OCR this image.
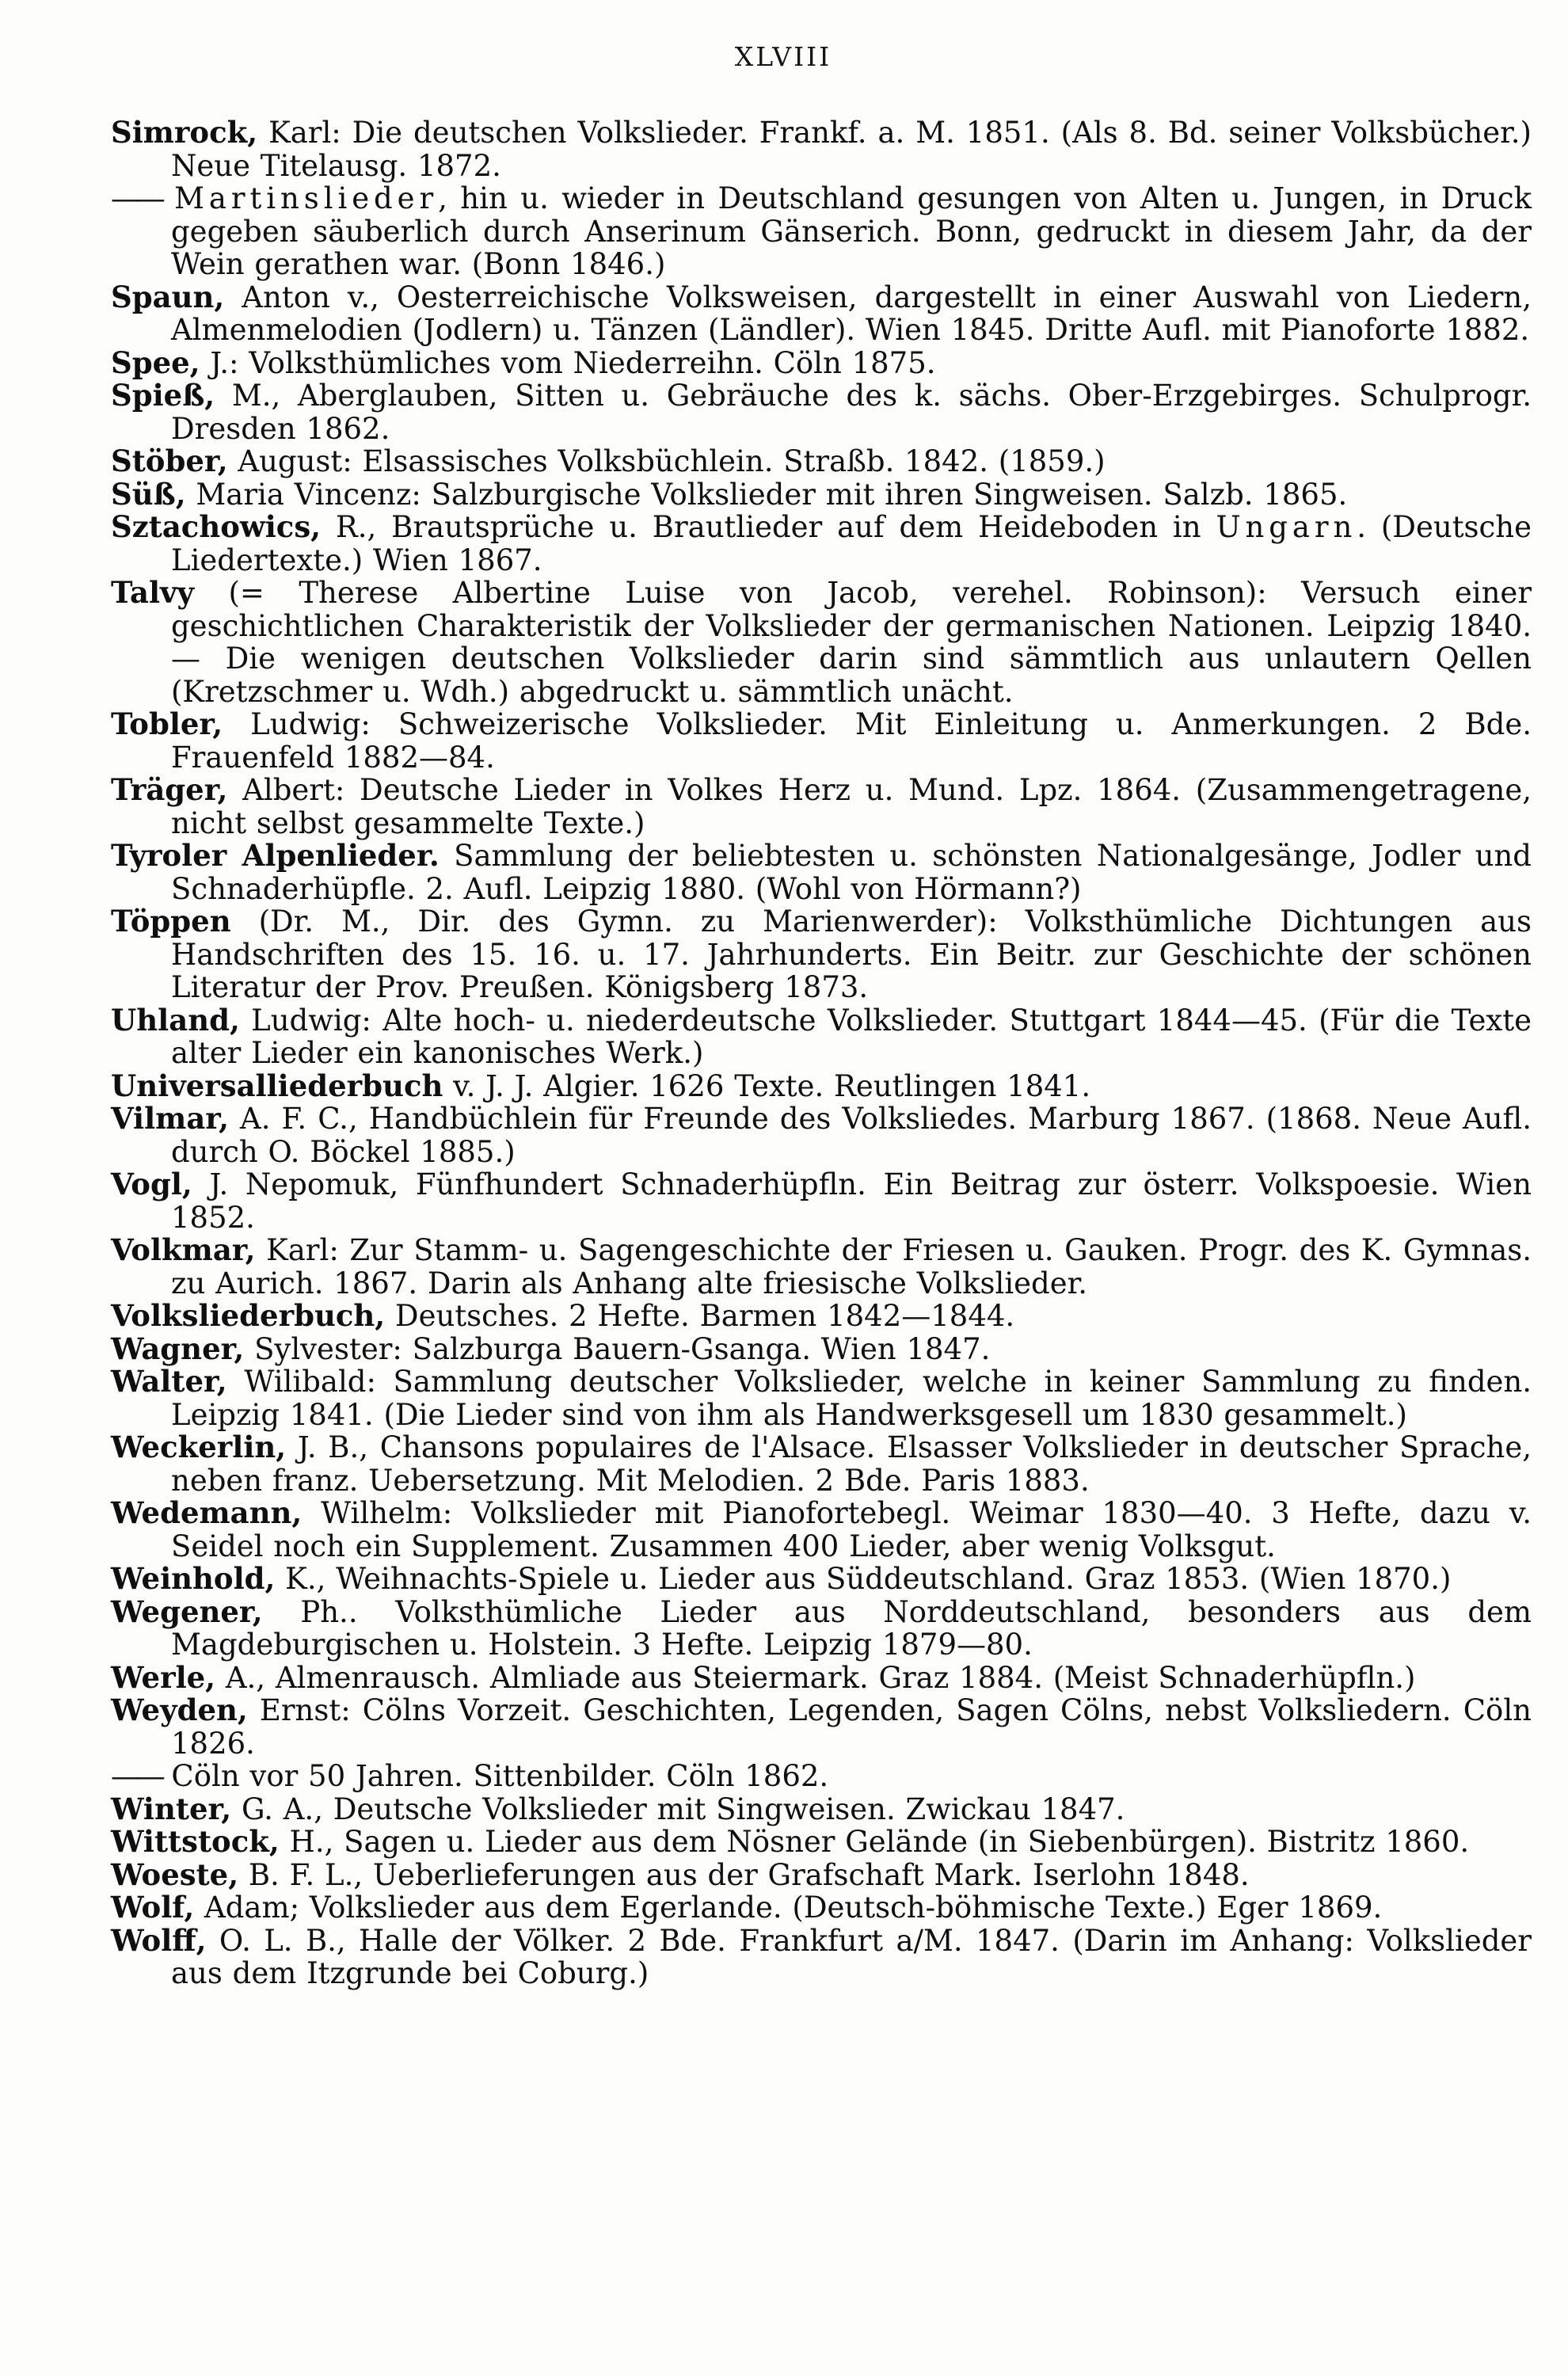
XLVIII

Simrock, Karl: Die deutschen Volkslieder. Frankf. a. M. 1851. (Als 8. Bd. seiner Volksbücher.) Neue Titelausg. 1872.

—— Martinslieder, hin u. wieder in Deutschland gesungen von Alten u. Jungen, in Druck gegeben säuberlich durch Anserinum Gänserich. Bonn, gedruckt in diesem Jahr, da der Wein gerathen war. (Bonn 1846.)

Spaun, Anton v., Oesterreichische Volksweisen, dargestellt in einer Auswahl von Liedern, Almenmelodien (Jodlern) u. Tänzen (Ländler). Wien 1845. Dritte Aufl. mit Pianoforte 1882.

Spee, J.: Volksthümliches vom Niederreihn. Cöln 1875.

Spieß, M., Aberglauben, Sitten u. Gebräuche des k. sächs. Ober-Erzgebirges. Schulprogr. Dresden 1862.

Stöber, August: Elsassisches Volksbüchlein. Straßb. 1842. (1859.)

Süß, Maria Vincenz: Salzburgische Volkslieder mit ihren Singweisen. Salzb. 1865.

Sztachowics, R., Brautsprüche u. Brautlieder auf dem Heideboden in Ungarn. (Deutsche Liedertexte.) Wien 1867.

Talvy (= Therese Albertine Luise von Jacob, verehel. Robinson): Versuch einer geschichtlichen Charakteristik der Volkslieder der germanischen Nationen. Leipzig 1840. — Die wenigen deutschen Volkslieder darin sind sämmtlich aus unlautern Qellen (Kretzschmer u. Wdh.) abgedruckt u. sämmtlich unächt.

Tobler, Ludwig: Schweizerische Volkslieder. Mit Einleitung u. Anmerkungen. 2 Bde. Frauenfeld 1882—84.

Träger, Albert: Deutsche Lieder in Volkes Herz u. Mund. Lpz. 1864. (Zusammengetragene, nicht selbst gesammelte Texte.)

Tyroler Alpenlieder. Sammlung der beliebtesten u. schönsten Nationalgesänge, Jodler und Schnaderhüpfle. 2. Aufl. Leipzig 1880. (Wohl von Hörmann?)

Töppen (Dr. M., Dir. des Gymn. zu Marienwerder): Volksthümliche Dichtungen aus Handschriften des 15. 16. u. 17. Jahrhunderts. Ein Beitr. zur Geschichte der schönen Literatur der Prov. Preußen. Königsberg 1873.

Uhland, Ludwig: Alte hoch- u. niederdeutsche Volkslieder. Stuttgart 1844—45. (Für die Texte alter Lieder ein kanonisches Werk.)

Universalliederbuch v. J. J. Algier. 1626 Texte. Reutlingen 1841.

Vilmar, A. F. C., Handbüchlein für Freunde des Volksliedes. Marburg 1867. (1868. Neue Aufl. durch O. Böckel 1885.)

Vogl, J. Nepomuk, Fünfhundert Schnaderhüpfln. Ein Beitrag zur österr. Volkspoesie. Wien 1852.

Volkmar, Karl: Zur Stamm- u. Sagengeschichte der Friesen u. Gauken. Progr. des K. Gymnas. zu Aurich. 1867. Darin als Anhang alte friesische Volkslieder.

Volksliederbuch, Deutsches. 2 Hefte. Barmen 1842—1844.

Wagner, Sylvester: Salzburga Bauern-Gsanga. Wien 1847.

Walter, Wilibald: Sammlung deutscher Volkslieder, welche in keiner Sammlung zu finden. Leipzig 1841. (Die Lieder sind von ihm als Handwerksgesell um 1830 gesammelt.)

Weckerlin, J. B., Chansons populaires de l'Alsace. Elsasser Volkslieder in deutscher Sprache, neben franz. Uebersetzung. Mit Melodien. 2 Bde. Paris 1883.

Wedemann, Wilhelm: Volkslieder mit Pianofortebegl. Weimar 1830—40. 3 Hefte, dazu v. Seidel noch ein Supplement. Zusammen 400 Lieder, aber wenig Volksgut.

Weinhold, K., Weihnachts-Spiele u. Lieder aus Süddeutschland. Graz 1853. (Wien 1870.)

Wegener, Ph.. Volksthümliche Lieder aus Norddeutschland, besonders aus dem Magdeburgischen u. Holstein. 3 Hefte. Leipzig 1879—80.

Werle, A., Almenrausch. Almliade aus Steiermark. Graz 1884. (Meist Schnaderhüpfln.)

Weyden, Ernst: Cölns Vorzeit. Geschichten, Legenden, Sagen Cölns, nebst Volksliedern. Cöln 1826.

—— Cöln vor 50 Jahren. Sittenbilder. Cöln 1862.

Winter, G. A., Deutsche Volkslieder mit Singweisen. Zwickau 1847.

Wittstock, H., Sagen u. Lieder aus dem Nösner Gelände (in Siebenbürgen). Bistritz 1860.

Woeste, B. F. L., Ueberlieferungen aus der Grafschaft Mark. Iserlohn 1848.

Wolf, Adam; Volkslieder aus dem Egerlande. (Deutsch-böhmische Texte.) Eger 1869.

Wolff, O. L. B., Halle der Völker. 2 Bde. Frankfurt a/M. 1847. (Darin im Anhang: Volkslieder aus dem Itzgrunde bei Coburg.)
